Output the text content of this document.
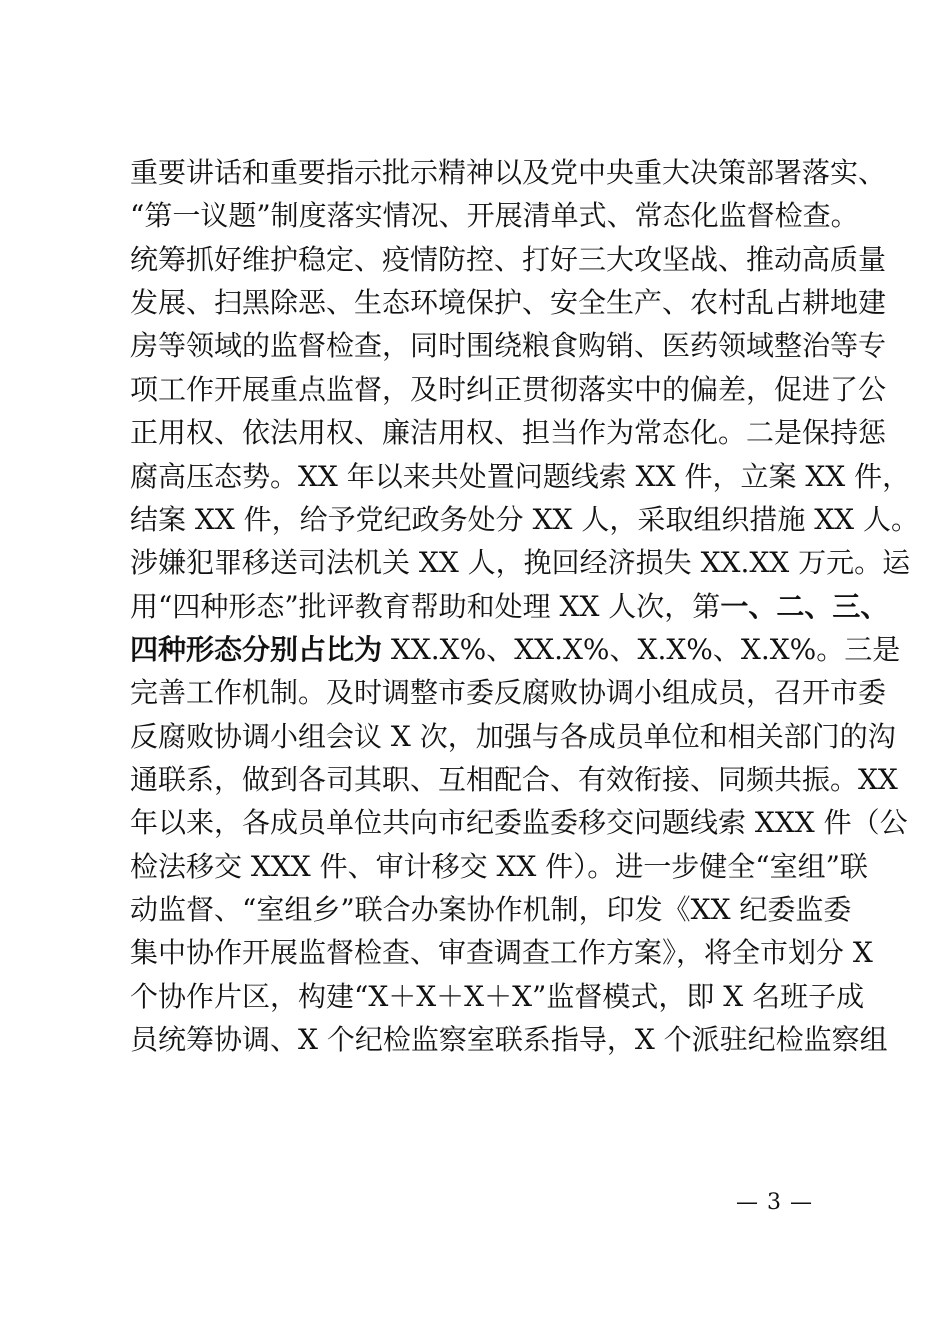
重要讲话和重要指示批示精神以及党中央重大决策部署落实、
“第一议题”制度落实情况、开展清单式、常态化监督检查。
统筹抓好维护稳定、疫情防控、打好三大攻坚战、推动高质量
发展、扫黑除恶、生态环境保护、安全生产、农村乱占耕地建
房等领域的监督检查，同时围绕粮食购销、医药领域整治等专
项工作开展重点监督，及时纠正贯彻落实中的偏差，促进了公
正用权、依法用权、廉洁用权、担当作为常态化。二是保持惩
腐高压态势。XX 年以来共处置问题线索 XX 件，立案 XX 件，
结案 XX 件，给予党纪政务处分 XX 人，采取组织措施 XX 人。
涉嫌犯罪移送司法机关 XX 人，挽回经济损失 XX.XX 万元。运
用“四种形态”批评教育帮助和处理 XX 人次，第一、二、三、
四种形态分别占比为 XX.X%、XX.X%、X.X%、X.X%。三是
完善工作机制。及时调整市委反腐败协调小组成员，召开市委
反腐败协调小组会议 X 次，加强与各成员单位和相关部门的沟
通联系，做到各司其职、互相配合、有效衔接、同频共振。XX
年以来，各成员单位共向市纪委监委移交问题线索 XXX 件（公
检法移交 XXX 件、审计移交 XX 件）。进一步健全“室组”联
动监督、“室组乡”联合办案协作机制，印发《XX 纪委监委
集中协作开展监督检查、审查调查工作方案》，将全市划分 X
个协作片区，构建“X＋X＋X＋X”监督模式，即 X 名班子成
员统筹协调、X 个纪检监察室联系指导，X 个派驻纪检监察组
— 3 —
